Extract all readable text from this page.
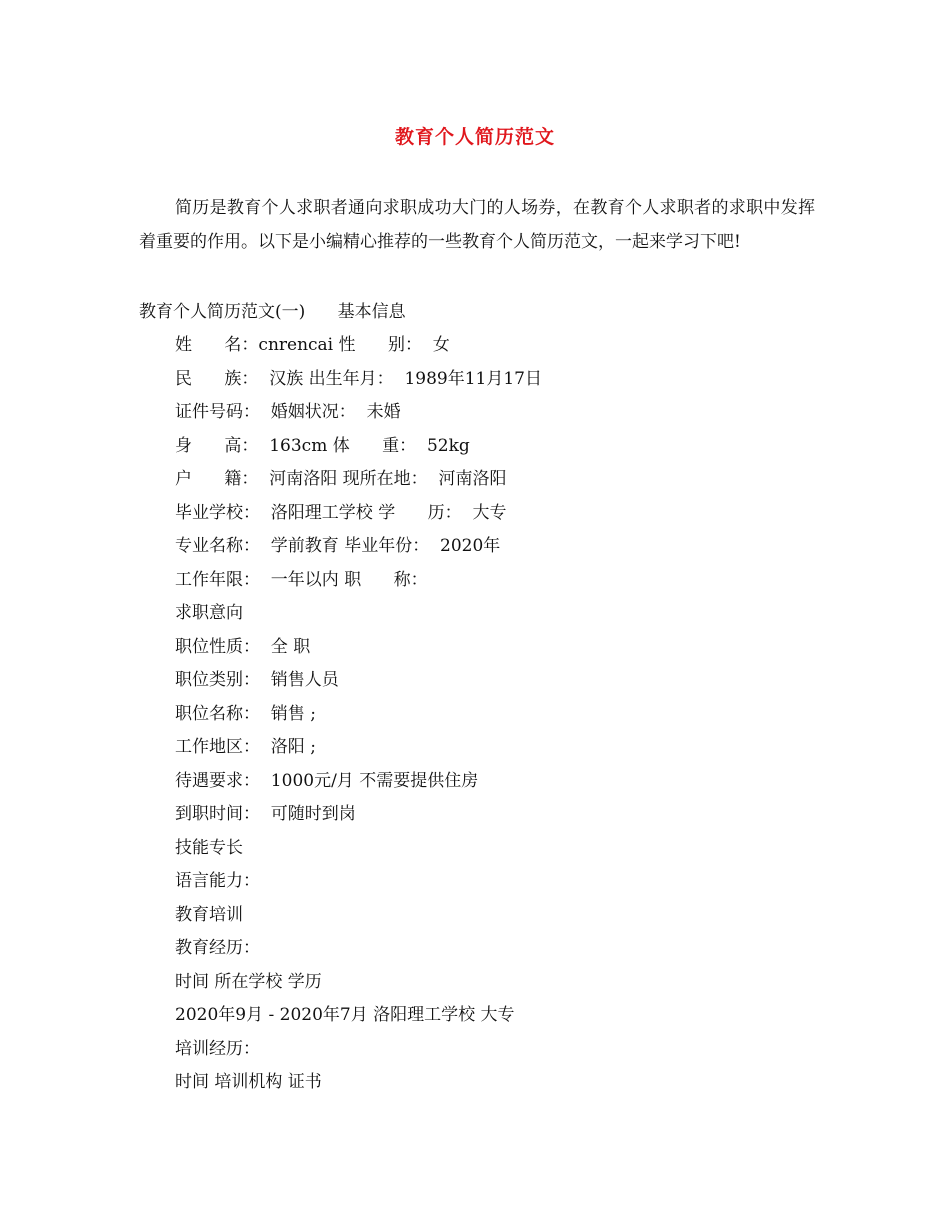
教育个人简历范文
简历是教育个人求职者通向求职成功大门的人场券，在教育个人求职者的求职中发挥着重要的作用。以下是小编精心推荐的一些教育个人简历范文，一起来学习下吧!
教育个人简历范文(一)      基本信息
姓      名：cnrencai 性      别：  女
民      族：  汉族 出生年月：  1989年11月17日
证件号码：  婚姻状况：  未婚
身      高：  163cm 体      重：  52kg
户      籍：  河南洛阳 现所在地：  河南洛阳
毕业学校：  洛阳理工学校 学      历：  大专
专业名称：  学前教育 毕业年份：  2020年
工作年限：  一年以内 职      称：
求职意向
职位性质：  全 职
职位类别：  销售人员
职位名称：  销售 ;
工作地区：  洛阳 ;
待遇要求：  1000元/月 不需要提供住房
到职时间：  可随时到岗
技能专长
语言能力：
教育培训
教育经历：
时间 所在学校 学历
2020年9月 - 2020年7月 洛阳理工学校 大专
培训经历：
时间 培训机构 证书
